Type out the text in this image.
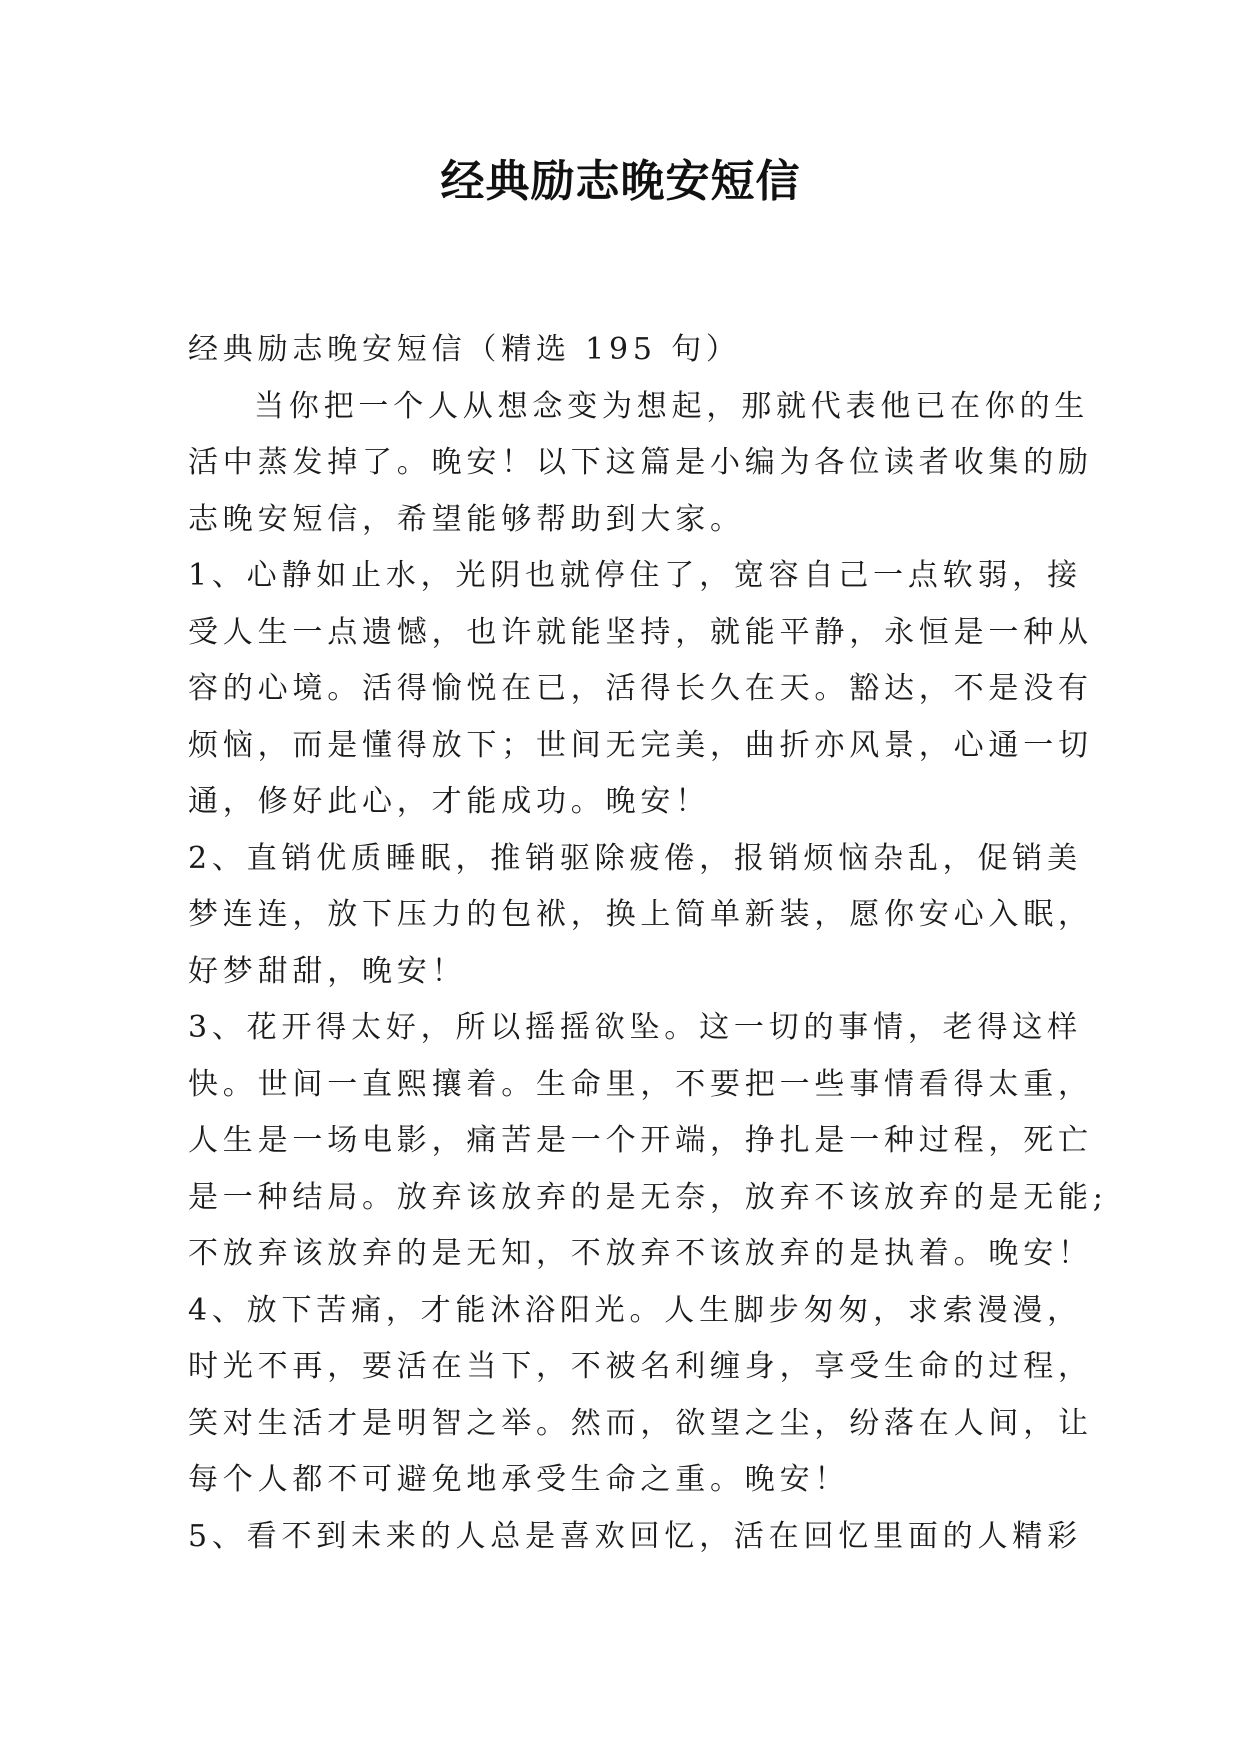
经典励志晚安短信
经典励志晚安短信（精选 195 句）
当你把一个人从想念变为想起，那就代表他已在你的生
活中蒸发掉了。晚安！以下这篇是小编为各位读者收集的励
志晚安短信，希望能够帮助到大家。
1、心静如止水，光阴也就停住了，宽容自己一点软弱，接
受人生一点遗憾，也许就能坚持，就能平静，永恒是一种从
容的心境。活得愉悦在已，活得长久在天。豁达，不是没有
烦恼，而是懂得放下；世间无完美，曲折亦风景，心通一切
通，修好此心，才能成功。晚安！
2、直销优质睡眠，推销驱除疲倦，报销烦恼杂乱，促销美
梦连连，放下压力的包袱，换上简单新装，愿你安心入眠，
好梦甜甜，晚安！
3、花开得太好，所以摇摇欲坠。这一切的事情，老得这样
快。世间一直熙攘着。生命里，不要把一些事情看得太重，
人生是一场电影，痛苦是一个开端，挣扎是一种过程，死亡
是一种结局。放弃该放弃的是无奈，放弃不该放弃的是无能;
不放弃该放弃的是无知，不放弃不该放弃的是执着。晚安！
4、放下苦痛，才能沐浴阳光。人生脚步匆匆，求索漫漫，
时光不再，要活在当下，不被名利缠身，享受生命的过程，
笑对生活才是明智之举。然而，欲望之尘，纷落在人间，让
每个人都不可避免地承受生命之重。晚安！
5、看不到未来的人总是喜欢回忆，活在回忆里面的人精彩
